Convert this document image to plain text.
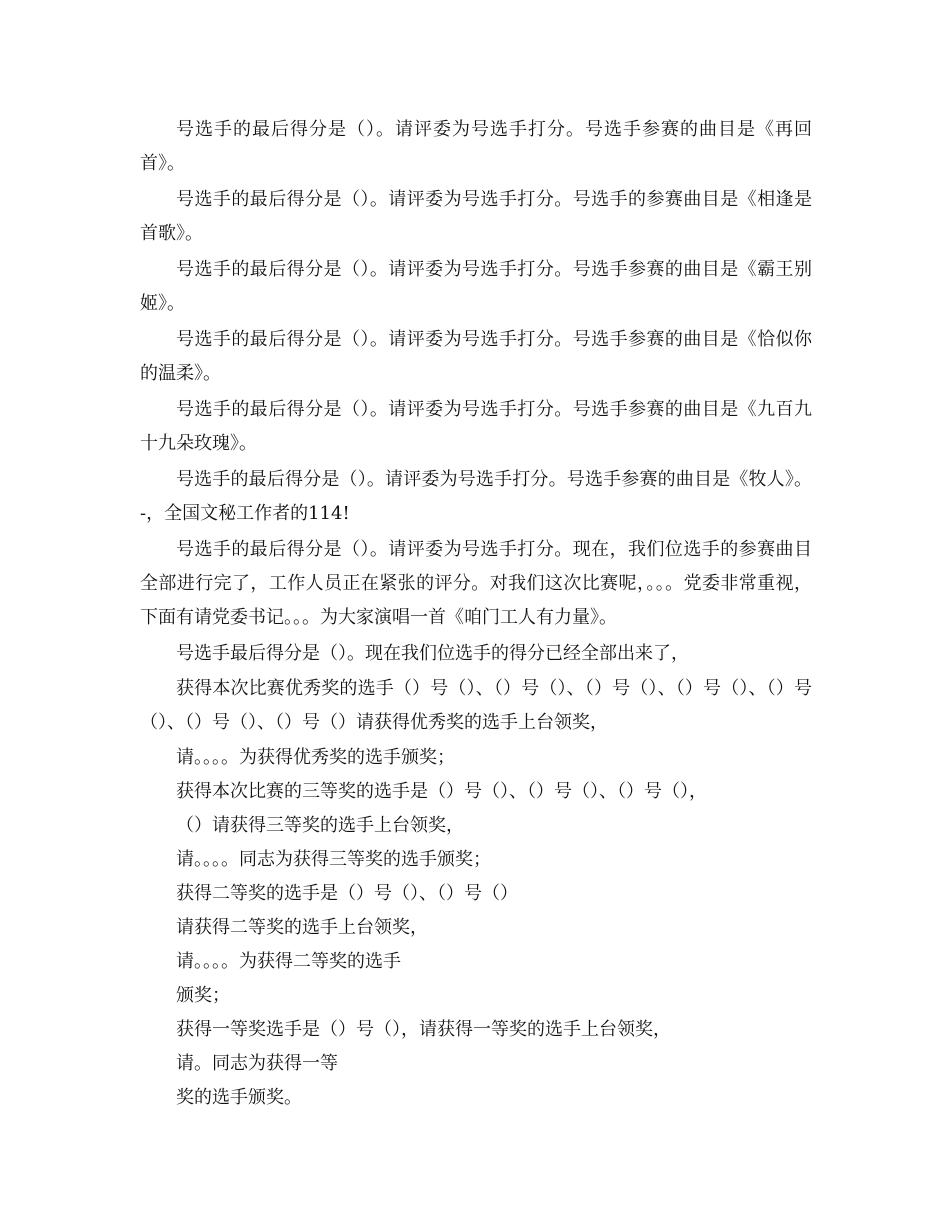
号选手的最后得分是（）。请评委为号选手打分。号选手参赛的曲目是《再回首》。

号选手的最后得分是（）。请评委为号选手打分。号选手的参赛曲目是《相逢是首歌》。

号选手的最后得分是（）。请评委为号选手打分。号选手参赛的曲目是《霸王别姬》。

号选手的最后得分是（）。请评委为号选手打分。号选手参赛的曲目是《恰似你的温柔》。

号选手的最后得分是（）。请评委为号选手打分。号选手参赛的曲目是《九百九十九朵玫瑰》。

号选手的最后得分是（）。请评委为号选手打分。号选手参赛的曲目是《牧人》。-，全国文秘工作者的114!

号选手的最后得分是（）。请评委为号选手打分。现在，我们位选手的参赛曲目全部进行完了，工作人员正在紧张的评分。对我们这次比赛呢，。。。党委非常重视，下面有请党委书记。。。为大家演唱一首《咱门工人有力量》。

号选手最后得分是（）。现在我们位选手的得分已经全部出来了，

获得本次比赛优秀奖的选手（）号（）、（）号（）、（）号（）、（）号（）、（）号（）、（）号（）、（）号（）请获得优秀奖的选手上台领奖，

请。。。。为获得优秀奖的选手颁奖；

获得本次比赛的三等奖的选手是（）号（）、（）号（）、（）号（），

（）请获得三等奖的选手上台领奖，

请。。。。同志为获得三等奖的选手颁奖；

获得二等奖的选手是（）号（）、（）号（）

请获得二等奖的选手上台领奖，

请。。。。为获得二等奖的选手

颁奖；

获得一等奖选手是（）号（），请获得一等奖的选手上台领奖，

请。同志为获得一等

奖的选手颁奖。
